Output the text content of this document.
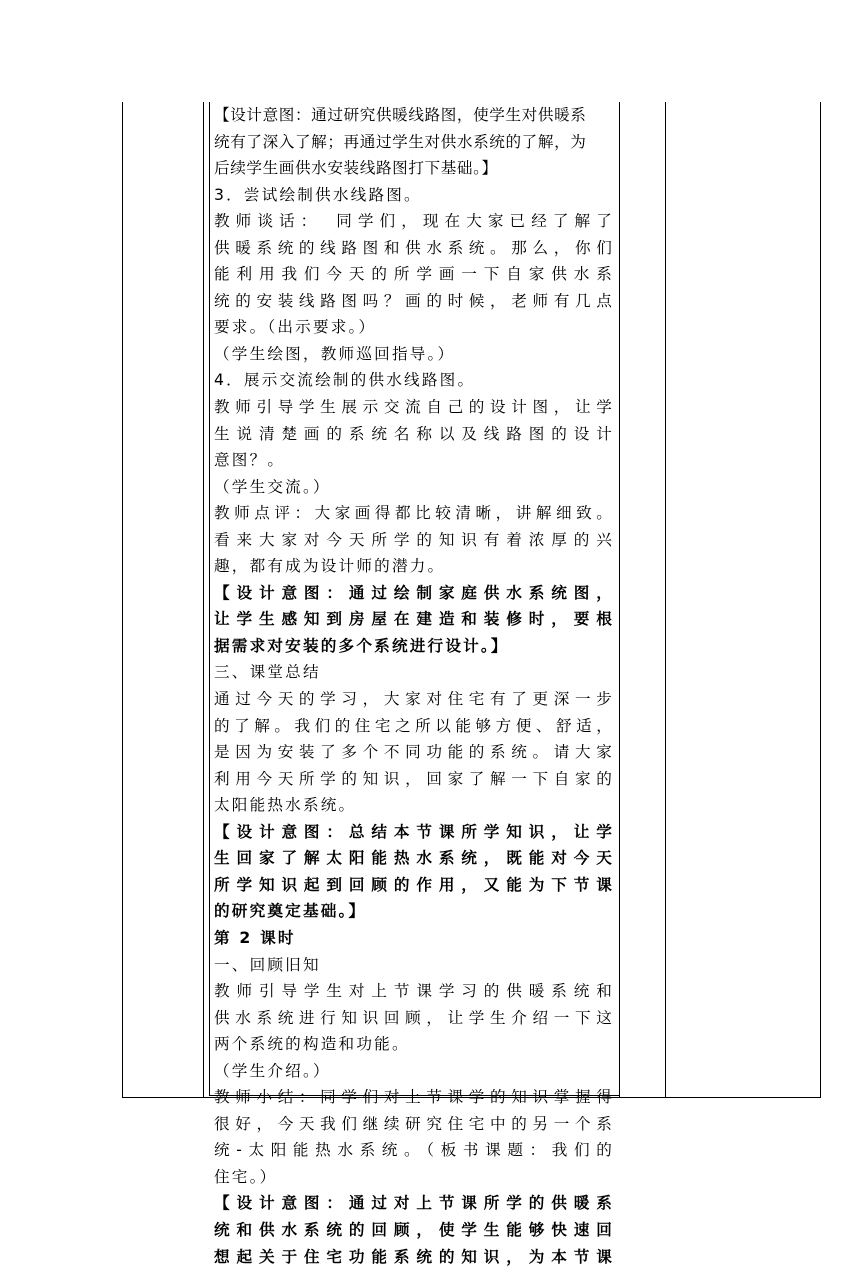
【设计意图：通过研究供暖线路图，使学生对供暖系
统有了深入了解；再通过学生对供水系统的了解，为
后续学生画供水安装线路图打下基础。】
3．尝试绘制供水线路图。
教师谈话：　同学们，现在大家已经了解了
供暖系统的线路图和供水系统。那么，你们
能利用我们今天的所学画一下自家供水系
统的安装线路图吗？画的时候，老师有几点
要求。（出示要求。）
（学生绘图，教师巡回指导。）
4．展示交流绘制的供水线路图。
教师引导学生展示交流自己的设计图，让学
生说清楚画的系统名称以及线路图的设计
意图？。
（学生交流。）
教师点评：大家画得都比较清晰，讲解细致。
看来大家对今天所学的知识有着浓厚的兴
趣，都有成为设计师的潜力。
【设计意图：通过绘制家庭供水系统图，
让学生感知到房屋在建造和装修时，要根
据需求对安装的多个系统进行设计。】
三、课堂总结
通过今天的学习，大家对住宅有了更深一步
的了解。我们的住宅之所以能够方便、舒适，
是因为安装了多个不同功能的系统。请大家
利用今天所学的知识，回家了解一下自家的
太阳能热水系统。
【设计意图：总结本节课所学知识，让学
生回家了解太阳能热水系统，既能对今天
所学知识起到回顾的作用，又能为下节课
的研究奠定基础。】
第 2 课时
一、回顾旧知
教师引导学生对上节课学习的供暖系统和
供水系统进行知识回顾，让学生介绍一下这
两个系统的构造和功能。
（学生介绍。）
教师小结：同学们对上节课学的知识掌握得
很好，今天我们继续研究住宅中的另一个系
统-太阳能热水系统。（板书课题：我们的
住宅。）
【设计意图：通过对上节课所学的供暖系
统和供水系统的回顾，使学生能够快速回
想起关于住宅功能系统的知识，为本节课
